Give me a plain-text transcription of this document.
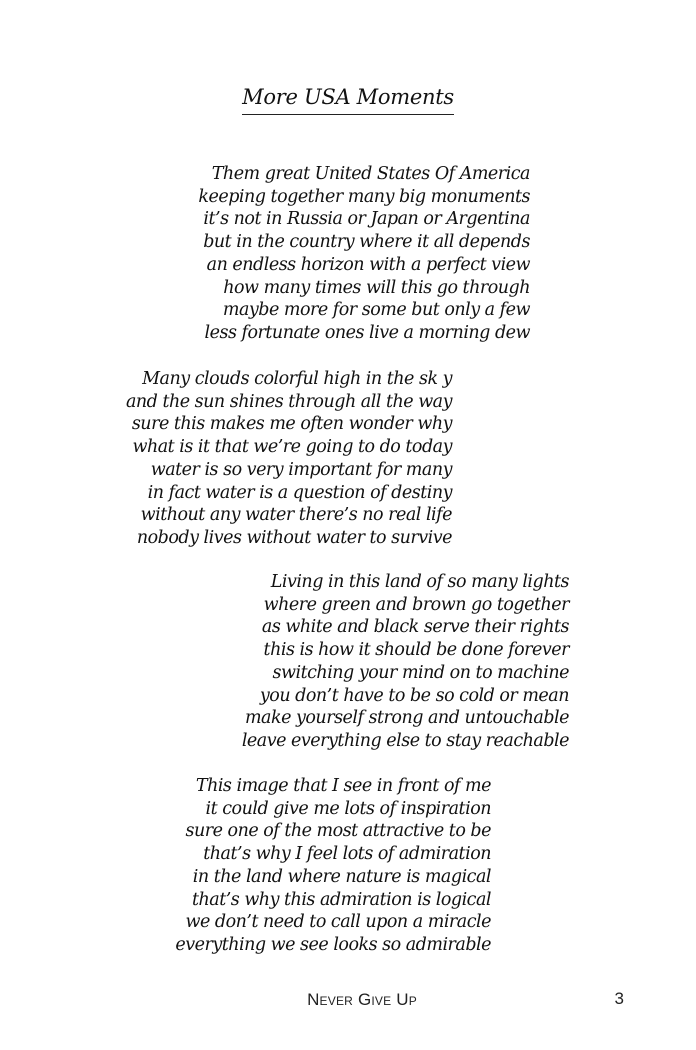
More USA Moments
Them great United States Of America
keeping together many big monuments
it’s not in Russia or Japan or Argentina
but in the country where it all depends
an endless horizon with a perfect view
how many times will this go through
maybe more for some but only a few
less fortunate ones live a morning dew
Many clouds colorful high in the sk y
and the sun shines through all the way
sure this makes me often wonder why
what is it that we’re going to do today
water is so very important for many
in fact water is a question of destiny
without any water there’s no real life
nobody lives without water to survive
Living in this land of so many lights
where green and brown go together
as white and black serve their rights
this is how it should be done forever
switching your mind on to machine
you don’t have to be so cold or mean
make yourself strong and untouchable
leave everything else to stay reachable
This image that I see in front of me
it could give me lots of inspiration
sure one of the most attractive to be
that’s why I feel lots of admiration
in the land where nature is magical
that’s why this admiration is logical
we don’t need to call upon a miracle
everything we see looks so admirable
Never Give Up	3
